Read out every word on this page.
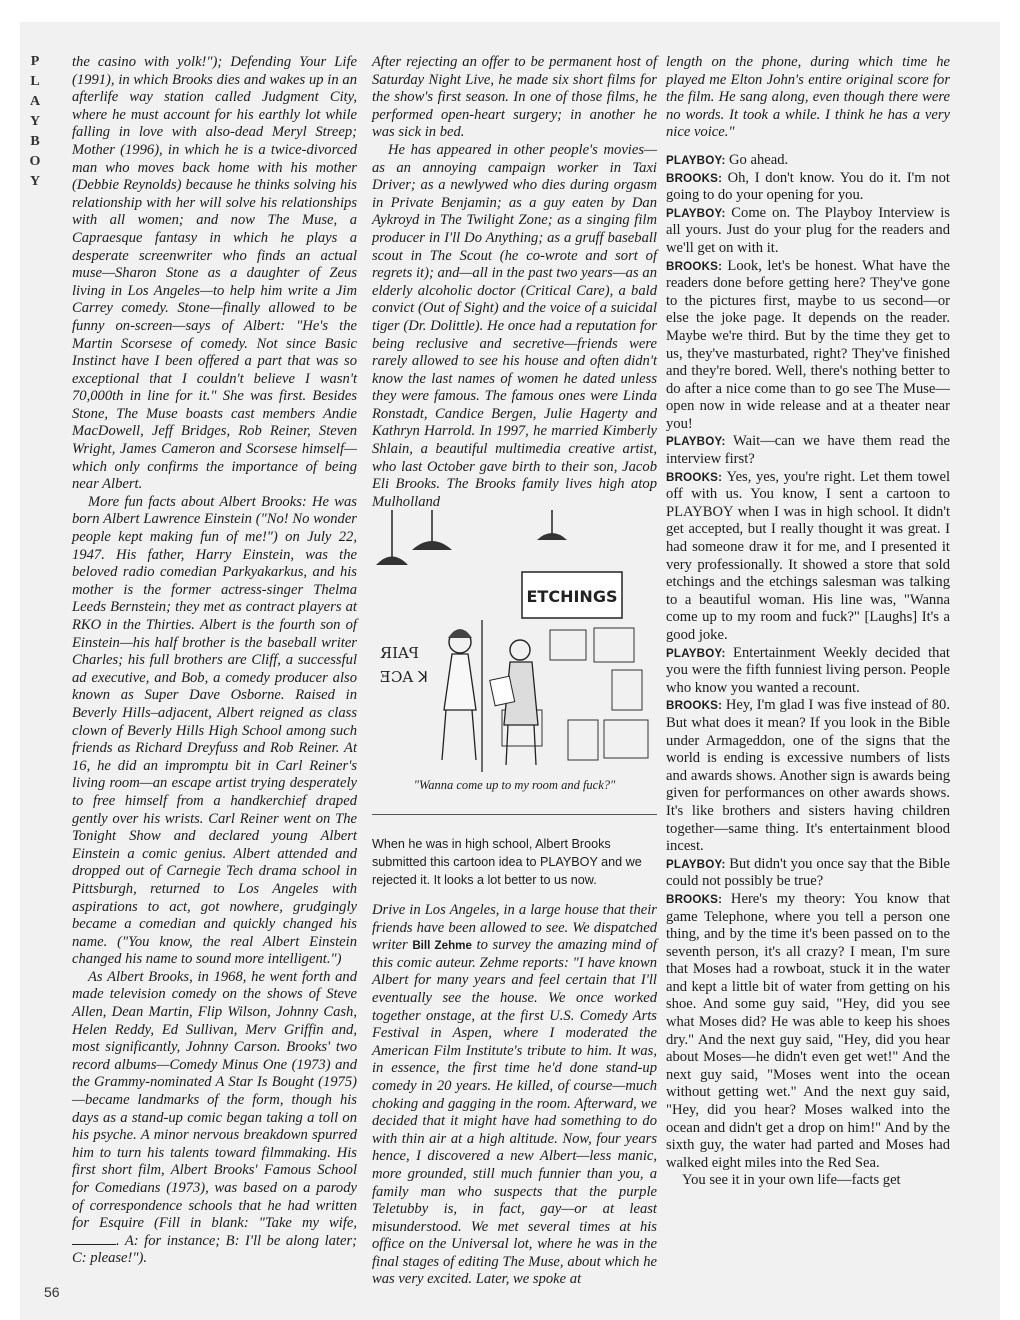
P
L
A
Y
B
O
Y
56

the casino with yolk!"); Defending Your Life (1991), in which Brooks dies and wakes up in an afterlife way station called Judgment City, where he must account for his earthly lot while falling in love with also-dead Meryl Streep; Mother (1996), in which he is a twice-divorced man who moves back home with his mother (Debbie Reynolds) because he thinks solving his relationship with her will solve his relationships with all women; and now The Muse, a Capraesque fantasy in which he plays a desperate screenwriter who finds an actual muse—Sharon Stone as a daughter of Zeus living in Los Angeles—to help him write a Jim Carrey comedy. Stone—finally allowed to be funny on-screen—says of Albert: "He's the Martin Scorsese of comedy. Not since Basic Instinct have I been offered a part that was so exceptional that I couldn't believe I wasn't 70,000th in line for it." She was first. Besides Stone, The Muse boasts cast members Andie MacDowell, Jeff Bridges, Rob Reiner, Steven Wright, James Cameron and Scorsese himself—which only confirms the importance of being near Albert.

More fun facts about Albert Brooks: He was born Albert Lawrence Einstein ("No! No wonder people kept making fun of me!") on July 22, 1947. His father, Harry Einstein, was the beloved radio comedian Parkyakarkus, and his mother is the former actress-singer Thelma Leeds Bernstein; they met as contract players at RKO in the Thirties. Albert is the fourth son of Einstein—his half brother is the baseball writer Charles; his full brothers are Cliff, a successful ad executive, and Bob, a comedy producer also known as Super Dave Osborne. Raised in Beverly Hills–adjacent, Albert reigned as class clown of Beverly Hills High School among such friends as Richard Dreyfuss and Rob Reiner. At 16, he did an impromptu bit in Carl Reiner's living room—an escape artist trying desperately to free himself from a handkerchief draped gently over his wrists. Carl Reiner went on The Tonight Show and declared young Albert Einstein a comic genius. Albert attended and dropped out of Carnegie Tech drama school in Pittsburgh, returned to Los Angeles with aspirations to act, got nowhere, grudgingly became a comedian and quickly changed his name. ("You know, the real Albert Einstein changed his name to sound more intelligent.")

As Albert Brooks, in 1968, he went forth and made television comedy on the shows of Steve Allen, Dean Martin, Flip Wilson, Johnny Cash, Helen Reddy, Ed Sullivan, Merv Griffin and, most significantly, Johnny Carson. Brooks' two record albums—Comedy Minus One (1973) and the Grammy-nominated A Star Is Bought (1975)—became landmarks of the form, though his days as a stand-up comic began taking a toll on his psyche. A minor nervous breakdown spurred him to turn his talents toward filmmaking. His first short film, Albert Brooks' Famous School for Comedians (1973), was based on a parody of correspondence schools that he had written for Esquire (Fill in blank: "Take my wife, . A: for instance; B: I'll be along later; C: please!").

After rejecting an offer to be permanent host of Saturday Night Live, he made six short films for the show's first season. In one of those films, he performed open-heart surgery; in another he was sick in bed.

He has appeared in other people's movies—as an annoying campaign worker in Taxi Driver; as a newlywed who dies during orgasm in Private Benjamin; as a guy eaten by Dan Aykroyd in The Twilight Zone; as a singing film producer in I'll Do Anything; as a gruff baseball scout in The Scout (he co-wrote and sort of regrets it); and—all in the past two years—as an elderly alcoholic doctor (Critical Care), a bald convict (Out of Sight) and the voice of a suicidal tiger (Dr. Dolittle). He once had a reputation for being reclusive and secretive—friends were rarely allowed to see his house and often didn't know the last names of women he dated unless they were famous. The famous ones were Linda Ronstadt, Candice Bergen, Julie Hagerty and Kathryn Harrold. In 1997, he married Kimberly Shlain, a beautiful multimedia creative artist, who last October gave birth to their son, Jacob Eli Brooks. The Brooks family lives high atop Mulholland

ETCHINGS
ЯIAꟼ
ƎƆA ꓘ
"Wanna come up to my room and fuck?"
When he was in high school, Albert Brooks submitted this cartoon idea to PLAYBOY and we rejected it. It looks a lot better to us now.
Drive in Los Angeles, in a large house that their friends have been allowed to see. We dispatched writer Bill Zehme to survey the amazing mind of this comic auteur. Zehme reports: "I have known Albert for many years and feel certain that I'll eventually see the house. We once worked together onstage, at the first U.S. Comedy Arts Festival in Aspen, where I moderated the American Film Institute's tribute to him. It was, in essence, the first time he'd done stand-up comedy in 20 years. He killed, of course—much choking and gagging in the room. Afterward, we decided that it might have had something to do with thin air at a high altitude. Now, four years hence, I discovered a new Albert—less manic, more grounded, still much funnier than you, a family man who suspects that the purple Teletubby is, in fact, gay—or at least misunderstood. We met several times at his office on the Universal lot, where he was in the final stages of editing The Muse, about which he was very excited. Later, we spoke at

length on the phone, during which time he played me Elton John's entire original score for the film. He sang along, even though there were no words. It took a while. I think he has a very nice voice."

PLAYBOY: Go ahead.

BROOKS: Oh, I don't know. You do it. I'm not going to do your opening for you.

PLAYBOY: Come on. The Playboy Interview is all yours. Just do your plug for the readers and we'll get on with it.

BROOKS: Look, let's be honest. What have the readers done before getting here? They've gone to the pictures first, maybe to us second—or else the joke page. It depends on the reader. Maybe we're third. But by the time they get to us, they've masturbated, right? They've finished and they're bored. Well, there's nothing better to do after a nice come than to go see The Muse—open now in wide release and at a theater near you!

PLAYBOY: Wait—can we have them read the interview first?

BROOKS: Yes, yes, you're right. Let them towel off with us. You know, I sent a cartoon to PLAYBOY when I was in high school. It didn't get accepted, but I really thought it was great. I had someone draw it for me, and I presented it very professionally. It showed a store that sold etchings and the etchings salesman was talking to a beautiful woman. His line was, "Wanna come up to my room and fuck?" [Laughs] It's a good joke.

PLAYBOY: Entertainment Weekly decided that you were the fifth funniest living person. People who know you wanted a recount.

BROOKS: Hey, I'm glad I was five instead of 80. But what does it mean? If you look in the Bible under Armageddon, one of the signs that the world is ending is excessive numbers of lists and awards shows. Another sign is awards being given for performances on other awards shows. It's like brothers and sisters having children together—same thing. It's entertainment blood incest.

PLAYBOY: But didn't you once say that the Bible could not possibly be true?

BROOKS: Here's my theory: You know that game Telephone, where you tell a person one thing, and by the time it's been passed on to the seventh person, it's all crazy? I mean, I'm sure that Moses had a rowboat, stuck it in the water and kept a little bit of water from getting on his shoe. And some guy said, "Hey, did you see what Moses did? He was able to keep his shoes dry." And the next guy said, "Hey, did you hear about Moses—he didn't even get wet!" And the next guy said, "Moses went into the ocean without getting wet." And the next guy said, "Hey, did you hear? Moses walked into the ocean and didn't get a drop on him!" And by the sixth guy, the water had parted and Moses had walked eight miles into the Red Sea.

You see it in your own life—facts get
